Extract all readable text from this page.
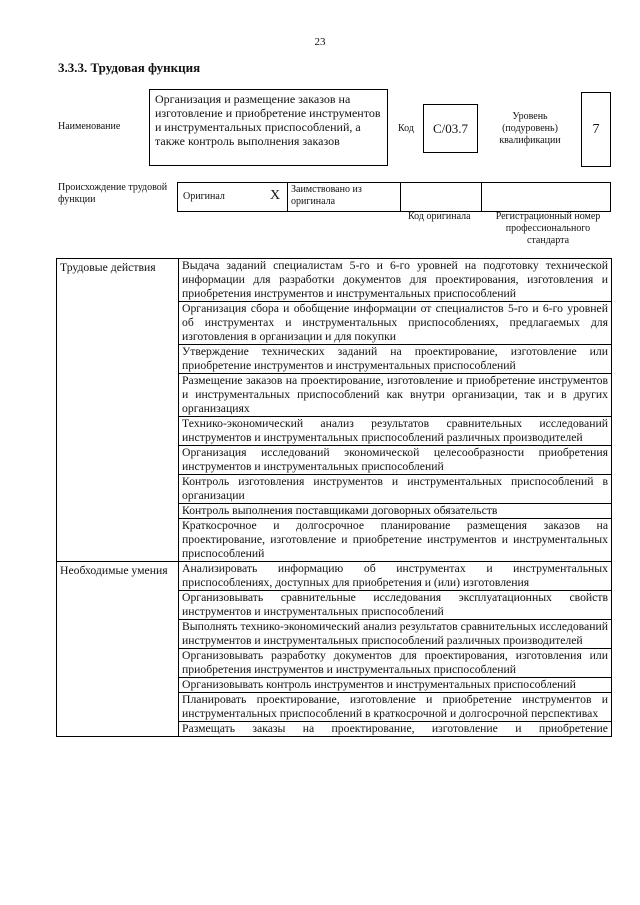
23
3.3.3. Трудовая функция
Наименование
Организация и размещение заказов на изготовление и приобретение инструментов и инструментальных приспособлений, а также контроль выполнения заказов
Код	С/03.7
Уровень (подуровень) квалификации
7
Происхождение трудовой функции	Оригинал	X	Заимствовано из оригинала
Код оригинала	Регистрационный номер профессионального стандарта
Трудовые действия	Выдача заданий специалистам 5-го и 6-го уровней на подготовку технической информации для разработки документов для проектирования, изготовления и приобретения инструментов и инструментальных приспособлений
	Организация сбора и обобщение информации от специалистов 5-го и 6-го уровней об инструментах и инструментальных приспособлениях, предлагаемых для изготовления в организации и для покупки
	Утверждение технических заданий на проектирование, изготовление или приобретение инструментов и инструментальных приспособлений
	Размещение заказов на проектирование, изготовление и приобретение инструментов и инструментальных приспособлений как внутри организации, так и в других организациях
	Технико-экономический анализ результатов сравнительных исследований инструментов и инструментальных приспособлений различных производителей
	Организация исследований экономической целесообразности приобретения инструментов и инструментальных приспособлений
	Контроль изготовления инструментов и инструментальных приспособлений в организации
	Контроль выполнения поставщиками договорных обязательств
	Краткосрочное и долгосрочное планирование размещения заказов на проектирование, изготовление и приобретение инструментов и инструментальных приспособлений
Необходимые умения	Анализировать информацию об инструментах и инструментальных приспособлениях, доступных для приобретения и (или) изготовления
	Организовывать сравнительные исследования эксплуатационных свойств инструментов и инструментальных приспособлений
	Выполнять технико-экономический анализ результатов сравнительных исследований инструментов и инструментальных приспособлений различных производителей
	Организовывать разработку документов для проектирования, изготовления или приобретения инструментов и инструментальных приспособлений
	Организовывать контроль инструментов и инструментальных приспособлений
	Планировать проектирование, изготовление и приобретение инструментов и инструментальных приспособлений в краткосрочной и долгосрочной перспективах
	Размещать заказы на проектирование, изготовление и приобретение
